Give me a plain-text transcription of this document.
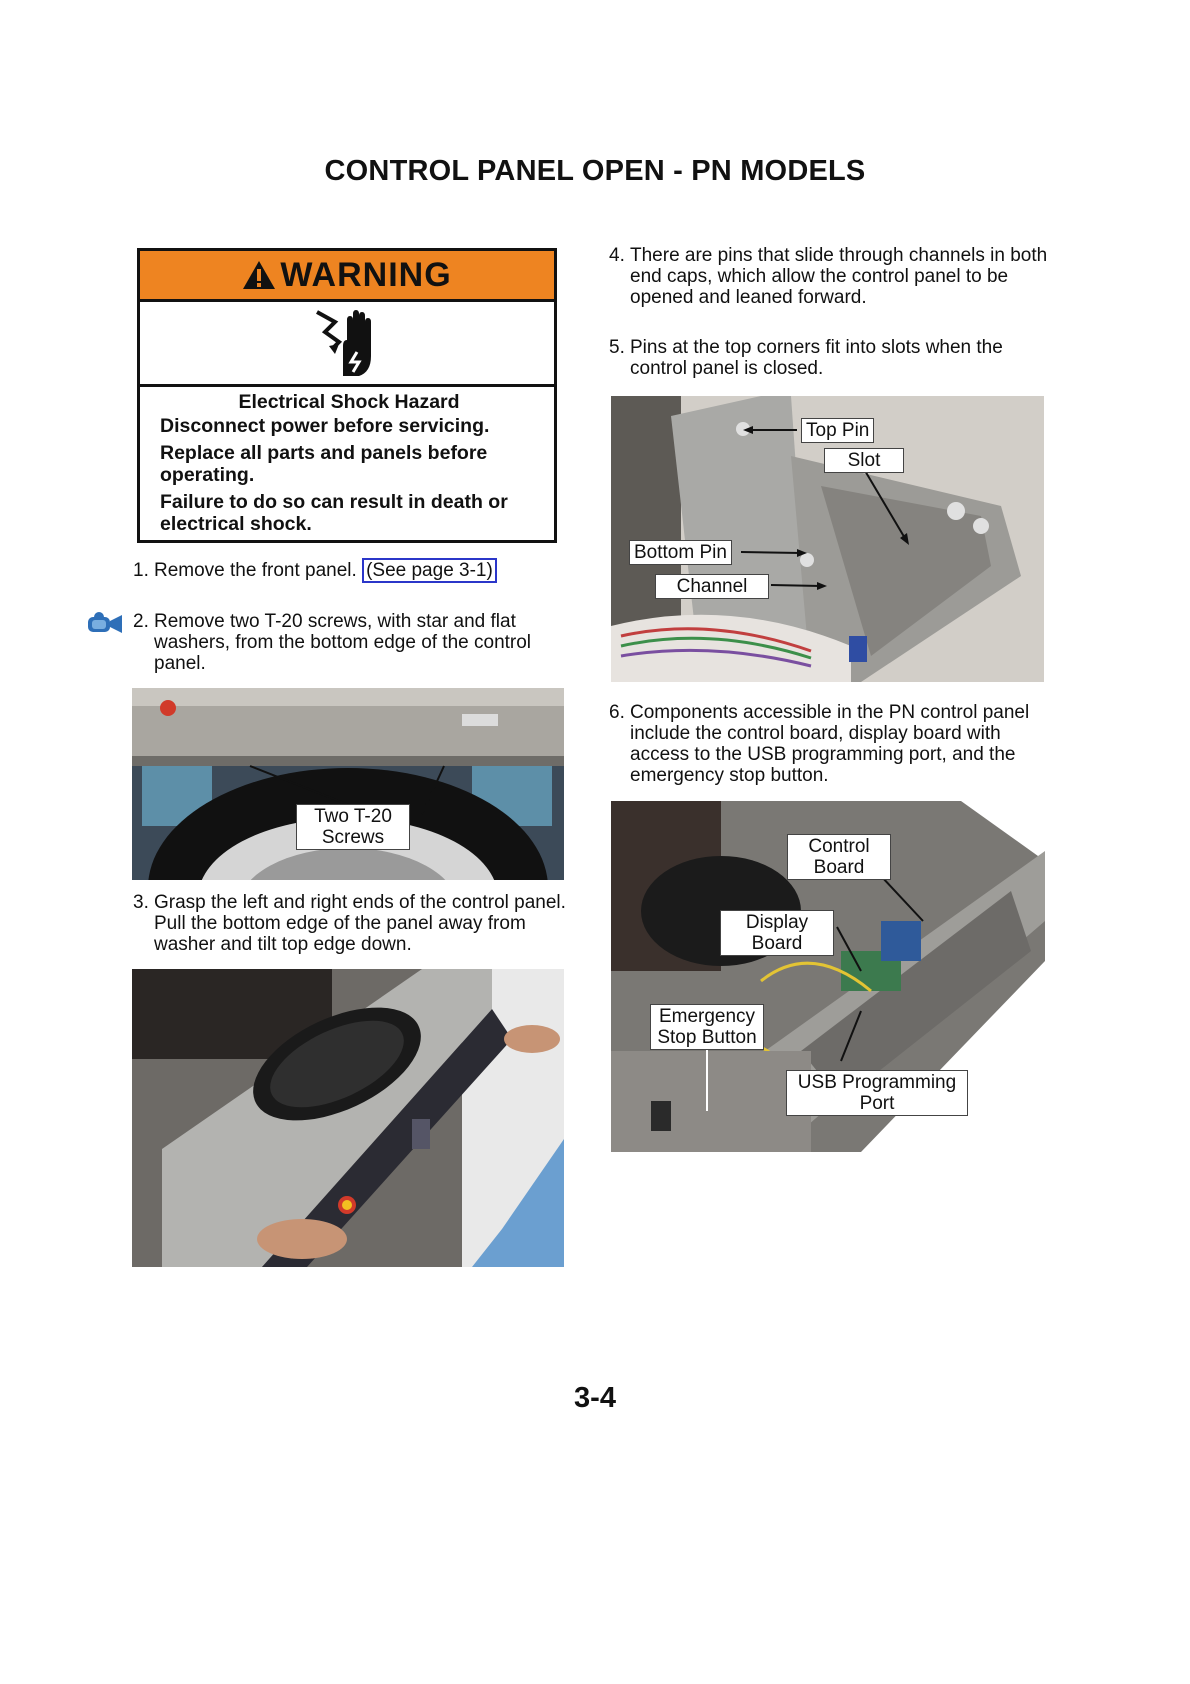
CONTROL PANEL OPEN - PN MODELS
WARNING
Electrical Shock Hazard

Disconnect power before servicing.

Replace all parts and panels before operating.

Failure to do so can result in death or electrical shock.

1. Remove the front panel. (See page 3-1)
2. Remove two T-20 screws, with star and flat washers, from the bottom edge of the control panel.
Two T-20
Screws
3. Grasp the left and right ends of the control panel. Pull the bottom edge of the panel away from washer and tilt top edge down.
4. There are pins that slide through channels in both end caps, which allow the control panel to be opened and leaned forward.
5. Pins at the top corners fit into slots when the control panel is closed.
Top Pin
Slot
Bottom Pin
Channel
6. Components accessible in the PN control panel include the control board, display board with access to the USB programming port, and the emergency stop button.
Control
Board
Display
Board
Emergency
Stop Button
USB Programming
Port
3-4
